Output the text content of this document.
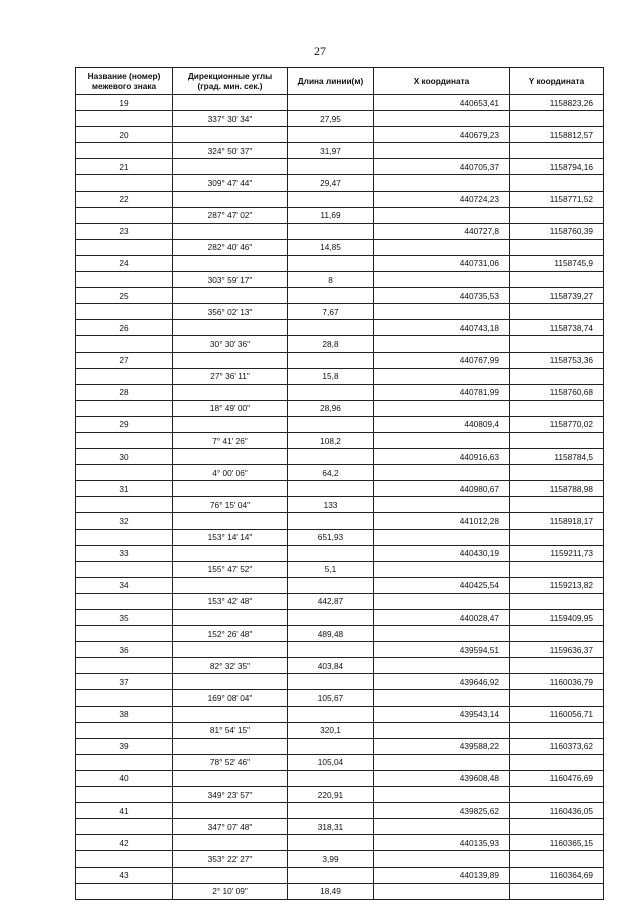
27
Название (номер) межевого знака	Дирекционные углы (град. мин. сек.)	Длина линии(м)	Х координата	Y координата
19			440653,41	1158823,26
	337° 30' 34"	27,95		
20			440679,23	1158812,57
	324° 50' 37"	31,97		
21			440705,37	1158794,16
	309° 47' 44"	29,47		
22			440724,23	1158771,52
	287° 47' 02"	11,69		
23			440727,8	1158760,39
	282° 40' 46"	14,85		
24			440731,06	1158745,9
	303° 59' 17"	8		
25			440735,53	1158739,27
	356° 02' 13"	7,67		
26			440743,18	1158738,74
	30° 30' 36"	28,8		
27			440767,99	1158753,36
	27° 36' 11"	15,8		
28			440781,99	1158760,68
	18° 49' 00"	28,96		
29			440809,4	1158770,02
	7° 41' 26"	108,2		
30			440916,63	1158784,5
	4° 00' 06"	64,2		
31			440980,67	1158788,98
	76° 15' 04"	133		
32			441012,28	1158918,17
	153° 14' 14"	651,93		
33			440430,19	1159211,73
	155° 47' 52"	5,1		
34			440425,54	1159213,82
	153° 42' 48"	442,87		
35			440028,47	1159409,95
	152° 26' 48"	489,48		
36			439594,51	1159636,37
	82° 32' 35"	403,84		
37			439646,92	1160036,79
	169° 08' 04"	105,67		
38			439543,14	1160056,71
	81° 54' 15"	320,1		
39			439588,22	1160373,62
	78° 52' 46"	105,04		
40			439608,48	1160476,69
	349° 23' 57"	220,91		
41			439825,62	1160436,05
	347° 07' 48"	318,31		
42			440135,93	1160365,15
	353° 22' 27"	3,99		
43			440139,89	1160364,69
	2° 10' 09"	18,49		
